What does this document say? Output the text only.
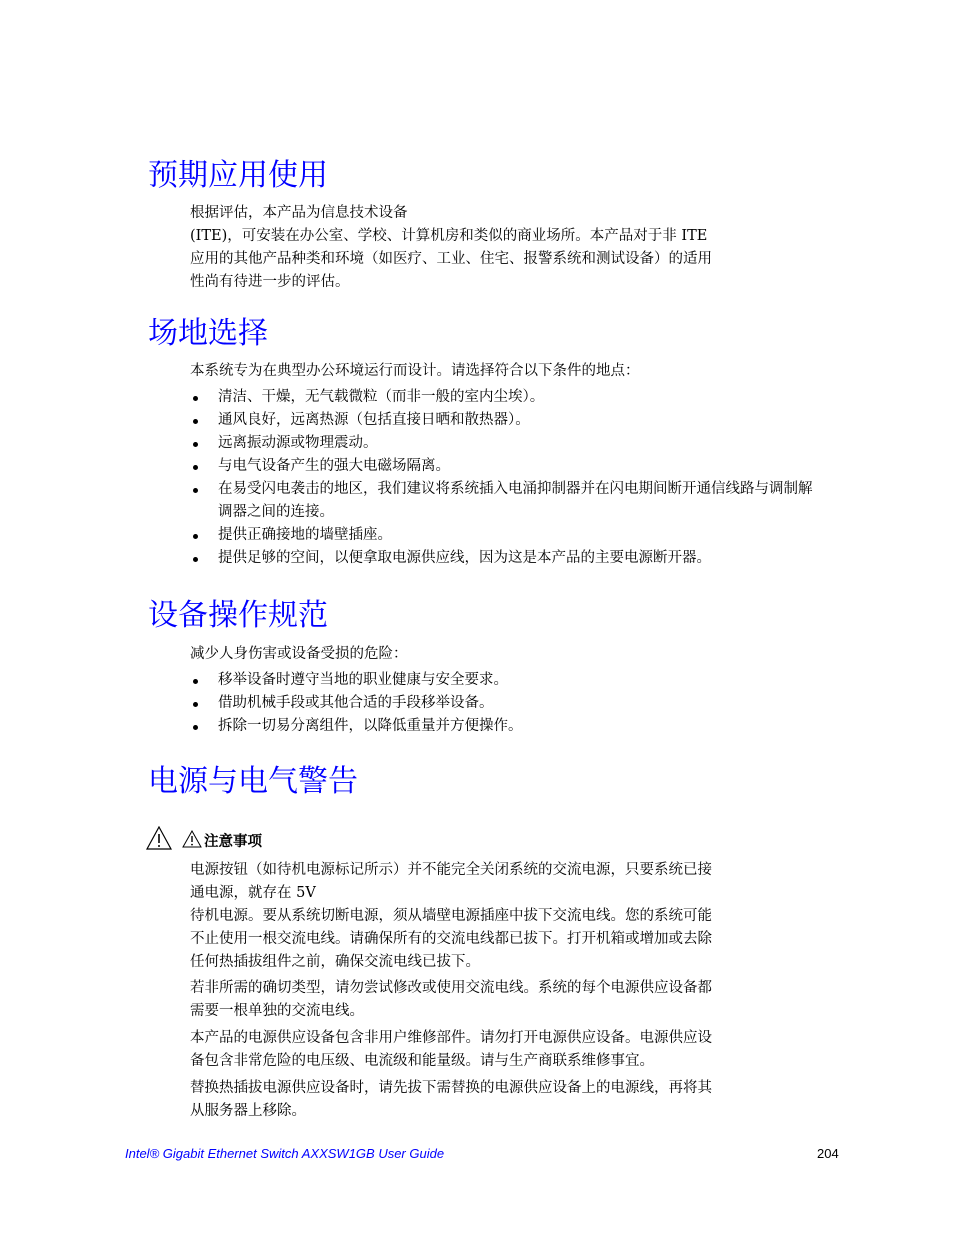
预期应用使用
根据评估，本产品为信息技术设备
(ITE)，可安装在办公室、学校、计算机房和类似的商业场所。本产品对于非 ITE
应用的其他产品种类和环境（如医疗、工业、住宅、报警系统和测试设备）的适用
性尚有待进一步的评估。
场地选择
本系统专为在典型办公环境运行而设计。请选择符合以下条件的地点：
清洁、干燥，无气载微粒（而非一般的室内尘埃）。
通风良好，远离热源（包括直接日晒和散热器）。
远离振动源或物理震动。
与电气设备产生的强大电磁场隔离。
在易受闪电袭击的地区，我们建议将系统插入电涌抑制器并在闪电期间断开通信线路与调制解调器之间的连接。
提供正确接地的墙壁插座。
提供足够的空间，以便拿取电源供应线，因为这是本产品的主要电源断开器。
设备操作规范
减少人身伤害或设备受损的危险：
移举设备时遵守当地的职业健康与安全要求。
借助机械手段或其他合适的手段移举设备。
拆除一切易分离组件，以降低重量并方便操作。
电源与电气警告
注意事项
电源按钮（如待机电源标记所示）并不能完全关闭系统的交流电源，只要系统已接
通电源，就存在 5V
待机电源。要从系统切断电源，须从墙壁电源插座中拔下交流电线。您的系统可能
不止使用一根交流电线。请确保所有的交流电线都已拔下。打开机箱或增加或去除
任何热插拔组件之前，确保交流电线已拔下。
若非所需的确切类型，请勿尝试修改或使用交流电线。系统的每个电源供应设备都
需要一根单独的交流电线。
本产品的电源供应设备包含非用户维修部件。请勿打开电源供应设备。电源供应设
备包含非常危险的电压级、电流级和能量级。请与生产商联系维修事宜。
替换热插拔电源供应设备时，请先拔下需替换的电源供应设备上的电源线，再将其
从服务器上移除。
Intel® Gigabit Ethernet Switch AXXSW1GB User Guide	204
